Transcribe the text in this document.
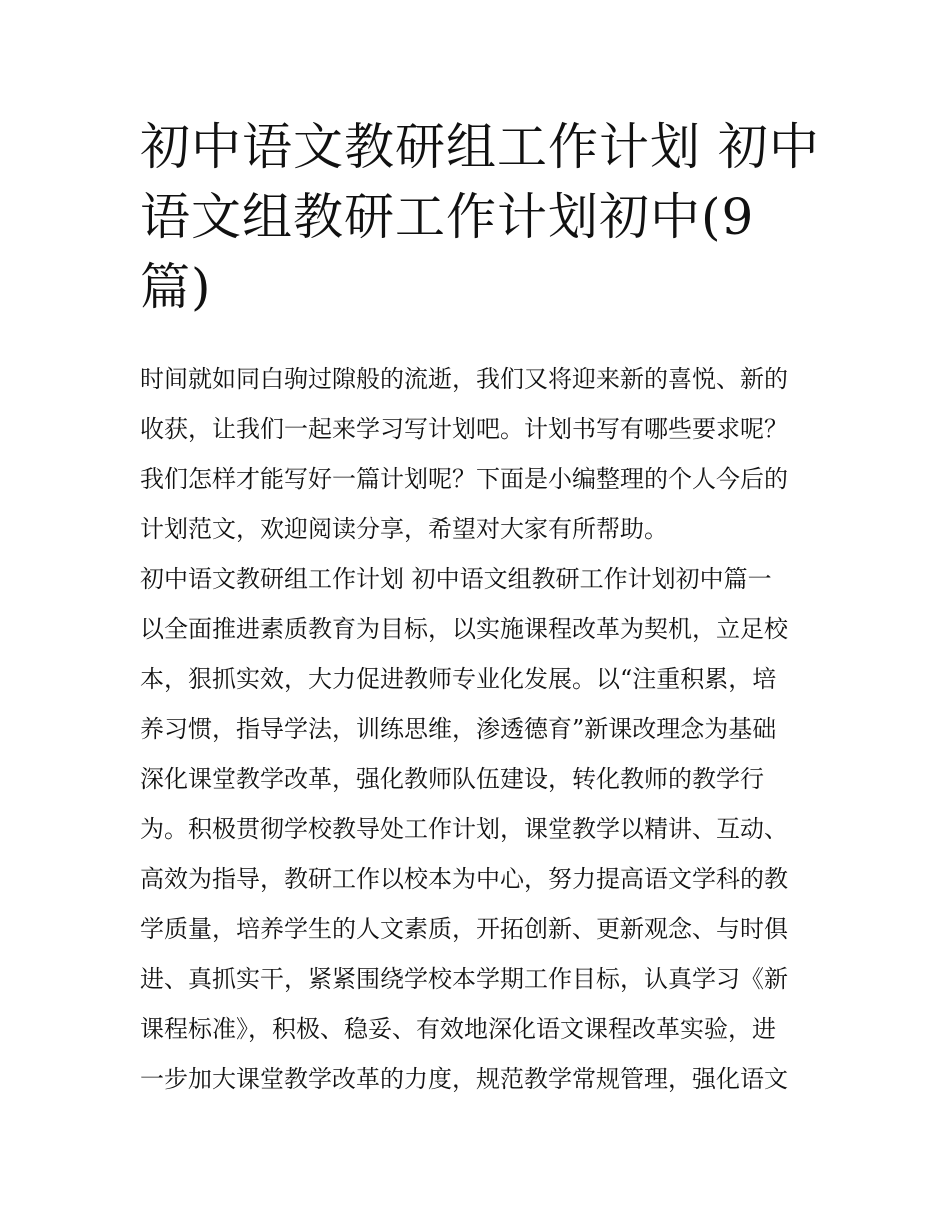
初中语文教研组工作计划 初中
语文组教研工作计划初中(9
篇)
时间就如同白驹过隙般的流逝，我们又将迎来新的喜悦、新的
收获，让我们一起来学习写计划吧。计划书写有哪些要求呢？
我们怎样才能写好一篇计划呢？下面是小编整理的个人今后的
计划范文，欢迎阅读分享，希望对大家有所帮助。
初中语文教研组工作计划 初中语文组教研工作计划初中篇一
以全面推进素质教育为目标，以实施课程改革为契机，立足校
本，狠抓实效，大力促进教师专业化发展。以“注重积累，培
养习惯，指导学法，训练思维，渗透德育”新课改理念为基础
深化课堂教学改革，强化教师队伍建设，转化教师的教学行
为。积极贯彻学校教导处工作计划，课堂教学以精讲、互动、
高效为指导，教研工作以校本为中心，努力提高语文学科的教
学质量，培养学生的人文素质，开拓创新、更新观念、与时俱
进、真抓实干，紧紧围绕学校本学期工作目标，认真学习《新
课程标准》，积极、稳妥、有效地深化语文课程改革实验，进
一步加大课堂教学改革的力度，规范教学常规管理，强化语文
